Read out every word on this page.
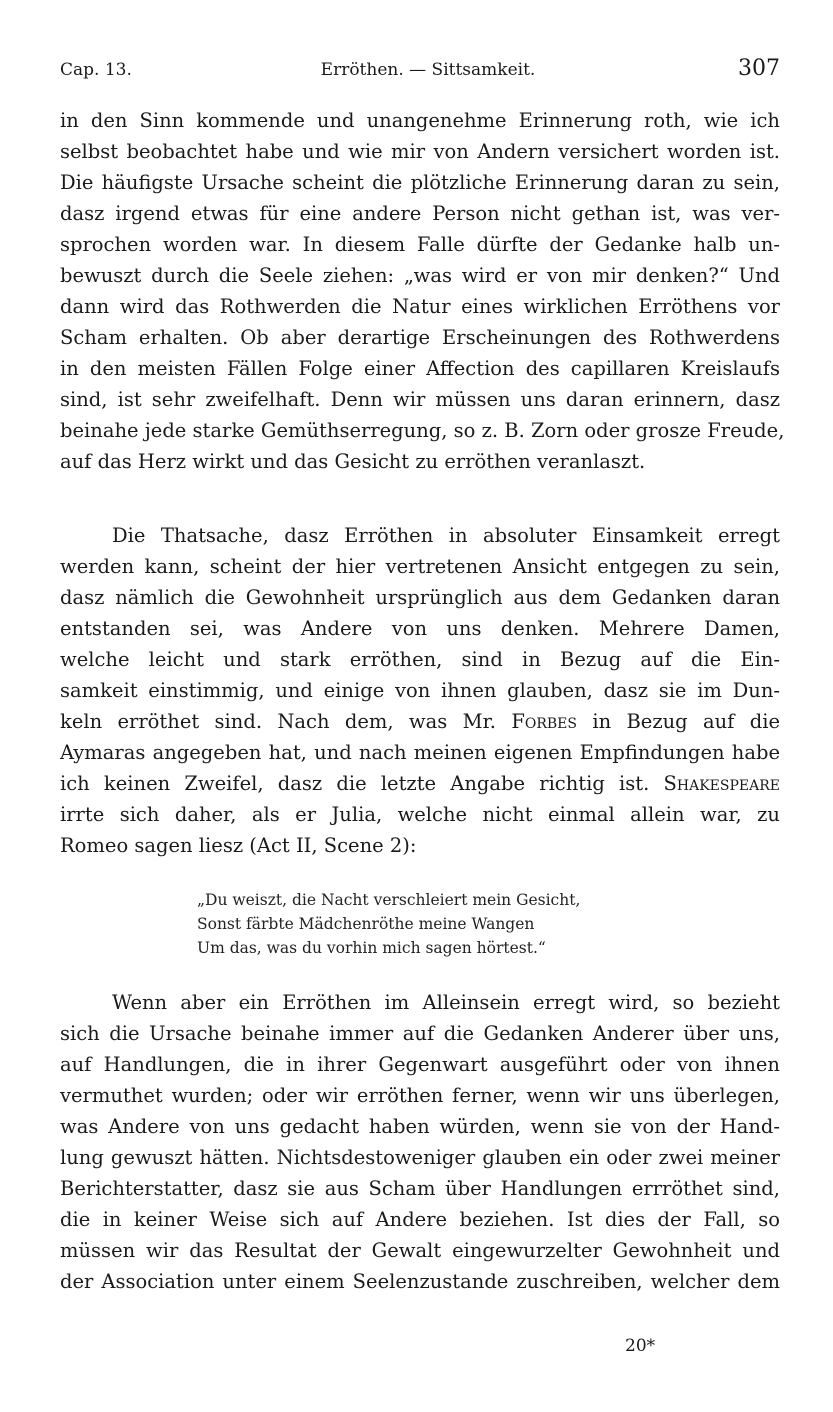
Cap. 13.	Erröthen. — Sittsamkeit.	307
in den Sinn kommende und unangenehme Erinnerung roth, wie ich
selbst beobachtet habe und wie mir von Andern versichert worden ist.
Die häufigste Ursache scheint die plötzliche Erinnerung daran zu sein,
dasz irgend etwas für eine andere Person nicht gethan ist, was ver-
sprochen worden war. In diesem Falle dürfte der Gedanke halb un-
bewuszt durch die Seele ziehen: „was wird er von mir denken?“ Und
dann wird das Rothwerden die Natur eines wirklichen Erröthens vor
Scham erhalten. Ob aber derartige Erscheinungen des Rothwerdens
in den meisten Fällen Folge einer Affection des capillaren Kreislaufs
sind, ist sehr zweifelhaft. Denn wir müssen uns daran erinnern, dasz
beinahe jede starke Gemüthserregung, so z. B. Zorn oder grosze Freude,
auf das Herz wirkt und das Gesicht zu erröthen veranlaszt.
Die Thatsache, dasz Erröthen in absoluter Einsamkeit erregt
werden kann, scheint der hier vertretenen Ansicht entgegen zu sein,
dasz nämlich die Gewohnheit ursprünglich aus dem Gedanken daran
entstanden sei, was Andere von uns denken. Mehrere Damen,
welche leicht und stark erröthen, sind in Bezug auf die Ein-
samkeit einstimmig, und einige von ihnen glauben, dasz sie im Dun-
keln erröthet sind. Nach dem, was Mr. Forbes in Bezug auf die
Aymaras angegeben hat, und nach meinen eigenen Empfindungen habe
ich keinen Zweifel, dasz die letzte Angabe richtig ist. Shakespeare
irrte sich daher, als er Julia, welche nicht einmal allein war, zu
Romeo sagen liesz (Act II, Scene 2):
„Du weiszt, die Nacht verschleiert mein Gesicht,
Sonst färbte Mädchenröthe meine Wangen
Um das, was du vorhin mich sagen hörtest.“
Wenn aber ein Erröthen im Alleinsein erregt wird, so bezieht
sich die Ursache beinahe immer auf die Gedanken Anderer über uns,
auf Handlungen, die in ihrer Gegenwart ausgeführt oder von ihnen
vermuthet wurden; oder wir erröthen ferner, wenn wir uns überlegen,
was Andere von uns gedacht haben würden, wenn sie von der Hand-
lung gewuszt hätten. Nichtsdestoweniger glauben ein oder zwei meiner
Berichterstatter, dasz sie aus Scham über Handlungen errröthet sind,
die in keiner Weise sich auf Andere beziehen. Ist dies der Fall, so
müssen wir das Resultat der Gewalt eingewurzelter Gewohnheit und
der Association unter einem Seelenzustande zuschreiben, welcher dem
20*
